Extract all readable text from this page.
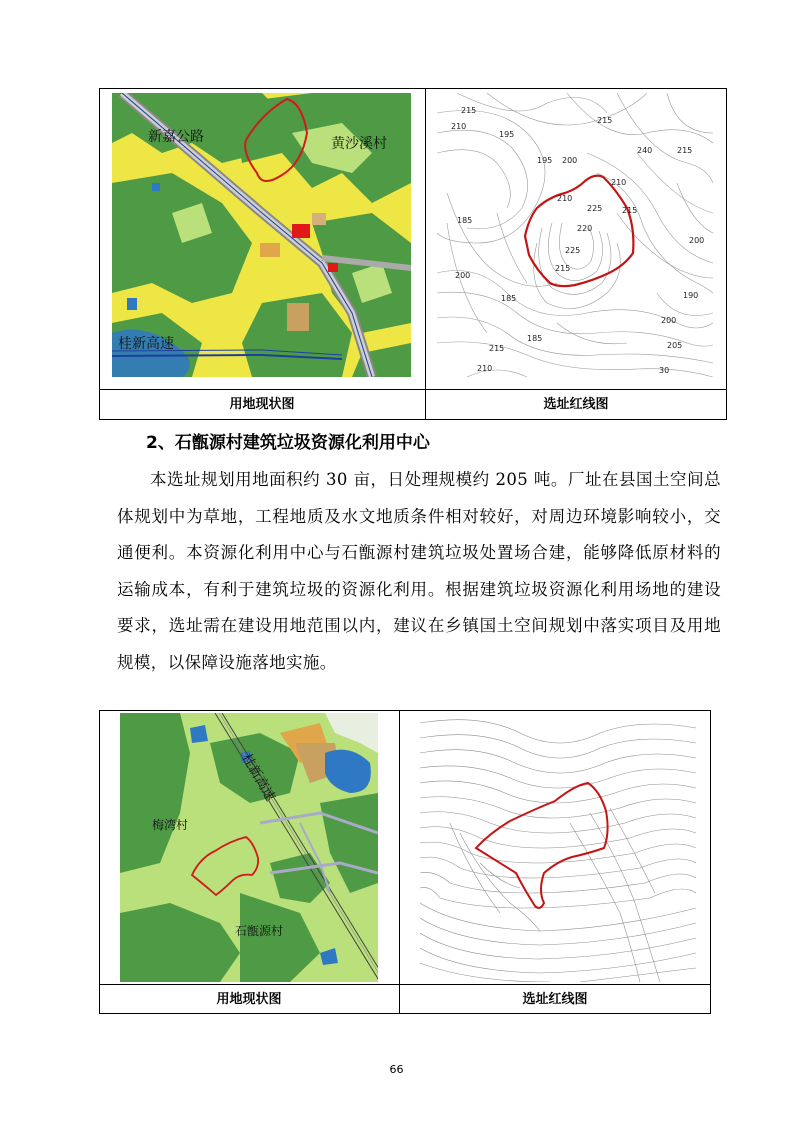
新嘉公路	黄沙溪村
桂新高速
215
210
195
195 200
240	215
215
210
210
225
220
225
215
185
200
215
190
185
200
185
215
200
205
210	30
用地现状图	选址红线图
2、石甑源村建筑垃圾资源化利用中心
本选址规划用地面积约 30 亩，日处理规模约 205 吨。厂址在县国土空间总体规划中为草地，工程地质及水文地质条件相对较好，对周边环境影响较小，交通便利。本资源化利用中心与石甑源村建筑垃圾处置场合建，能够降低原材料的运输成本，有利于建筑垃圾的资源化利用。根据建筑垃圾资源化利用场地的建设要求，选址需在建设用地范围以内，建议在乡镇国土空间规划中落实项目及用地规模，以保障设施落地实施。
桂新高速
梅湾村
石甑源村
用地现状图	选址红线图
66
